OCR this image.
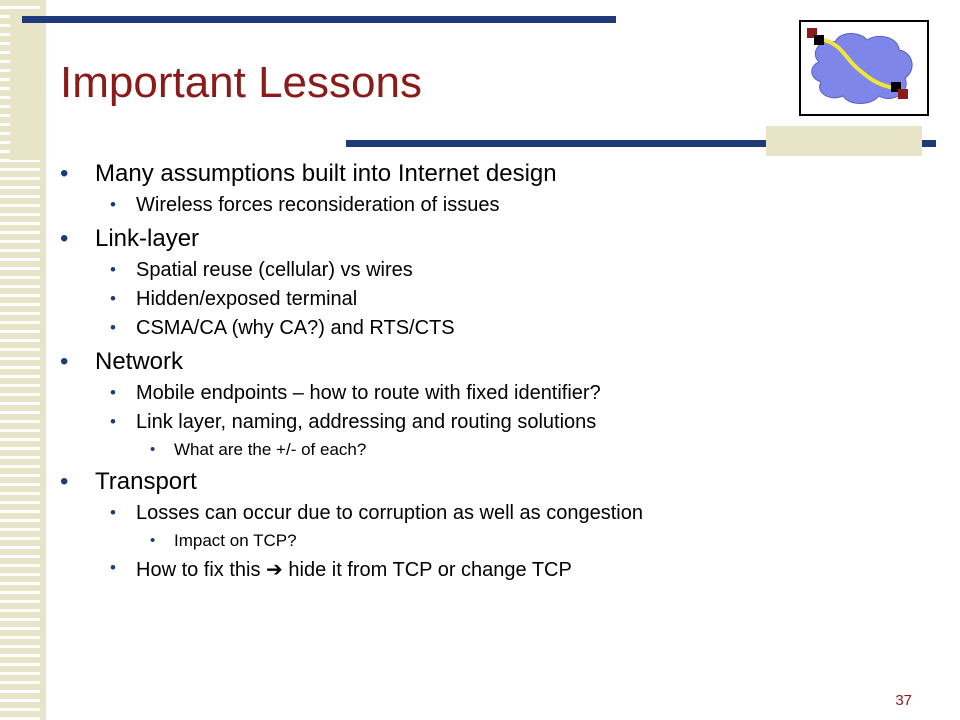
Important Lessons
• Many assumptions built into Internet design
• Wireless forces reconsideration of issues
• Link-layer
• Spatial reuse (cellular) vs wires
• Hidden/exposed terminal
• CSMA/CA (why CA?) and RTS/CTS
• Network
• Mobile endpoints – how to route with fixed identifier?
• Link layer, naming, addressing and routing solutions
• What are the +/- of each?
• Transport
• Losses can occur due to corruption as well as congestion
• Impact on TCP?
• How to fix this ➔ hide it from TCP or change TCP
37
